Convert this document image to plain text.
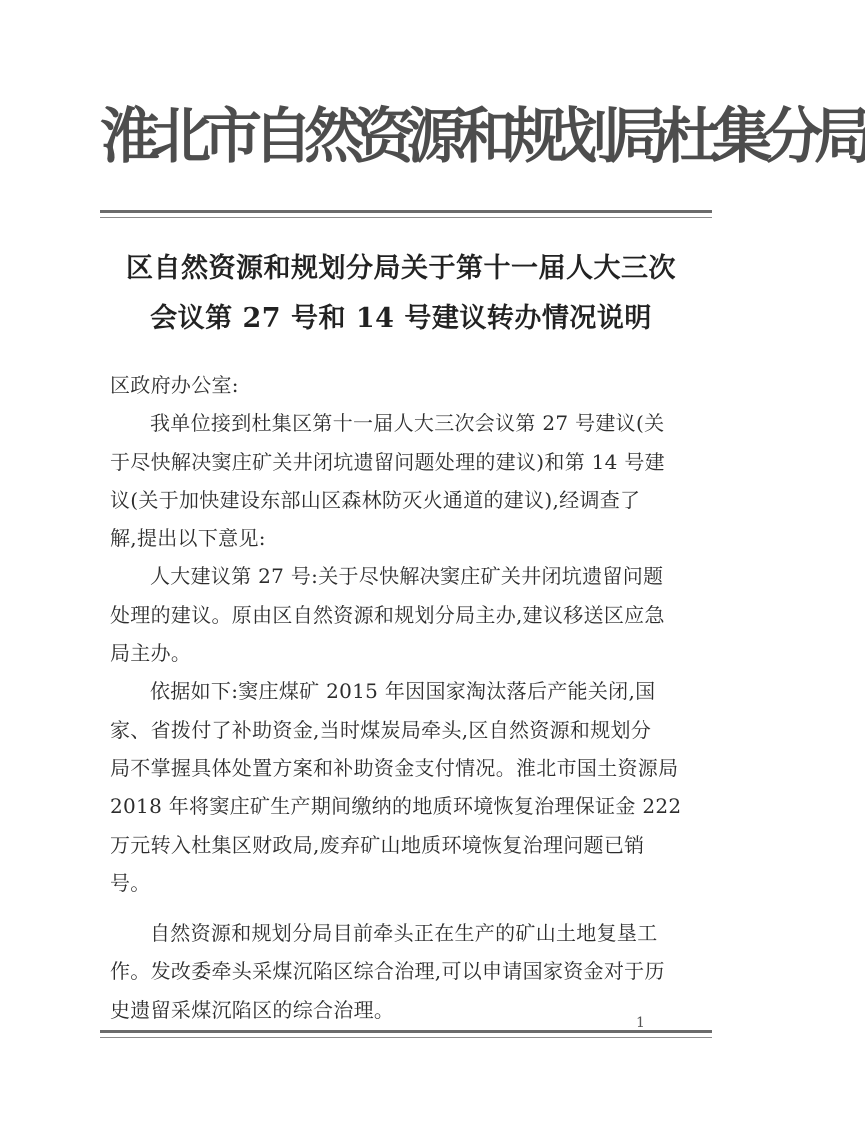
淮北市自然资源和规划局杜集分局
区自然资源和规划分局关于第十一届人大三次
会议第 27 号和 14 号建议转办情况说明
区政府办公室:
我单位接到杜集区第十一届人大三次会议第 27 号建议(关
于尽快解决窦庄矿关井闭坑遗留问题处理的建议)和第 14 号建
议(关于加快建设东部山区森林防灭火通道的建议),经调查了
解,提出以下意见:
人大建议第 27 号:关于尽快解决窦庄矿关井闭坑遗留问题
处理的建议。原由区自然资源和规划分局主办,建议移送区应急
局主办。
依据如下:窦庄煤矿 2015 年因国家淘汰落后产能关闭,国
家、省拨付了补助资金,当时煤炭局牵头,区自然资源和规划分
局不掌握具体处置方案和补助资金支付情况。淮北市国土资源局
2018 年将窦庄矿生产期间缴纳的地质环境恢复治理保证金 222
万元转入杜集区财政局,废弃矿山地质环境恢复治理问题已销
号。
自然资源和规划分局目前牵头正在生产的矿山土地复垦工
作。发改委牵头采煤沉陷区综合治理,可以申请国家资金对于历
史遗留采煤沉陷区的综合治理。
1
